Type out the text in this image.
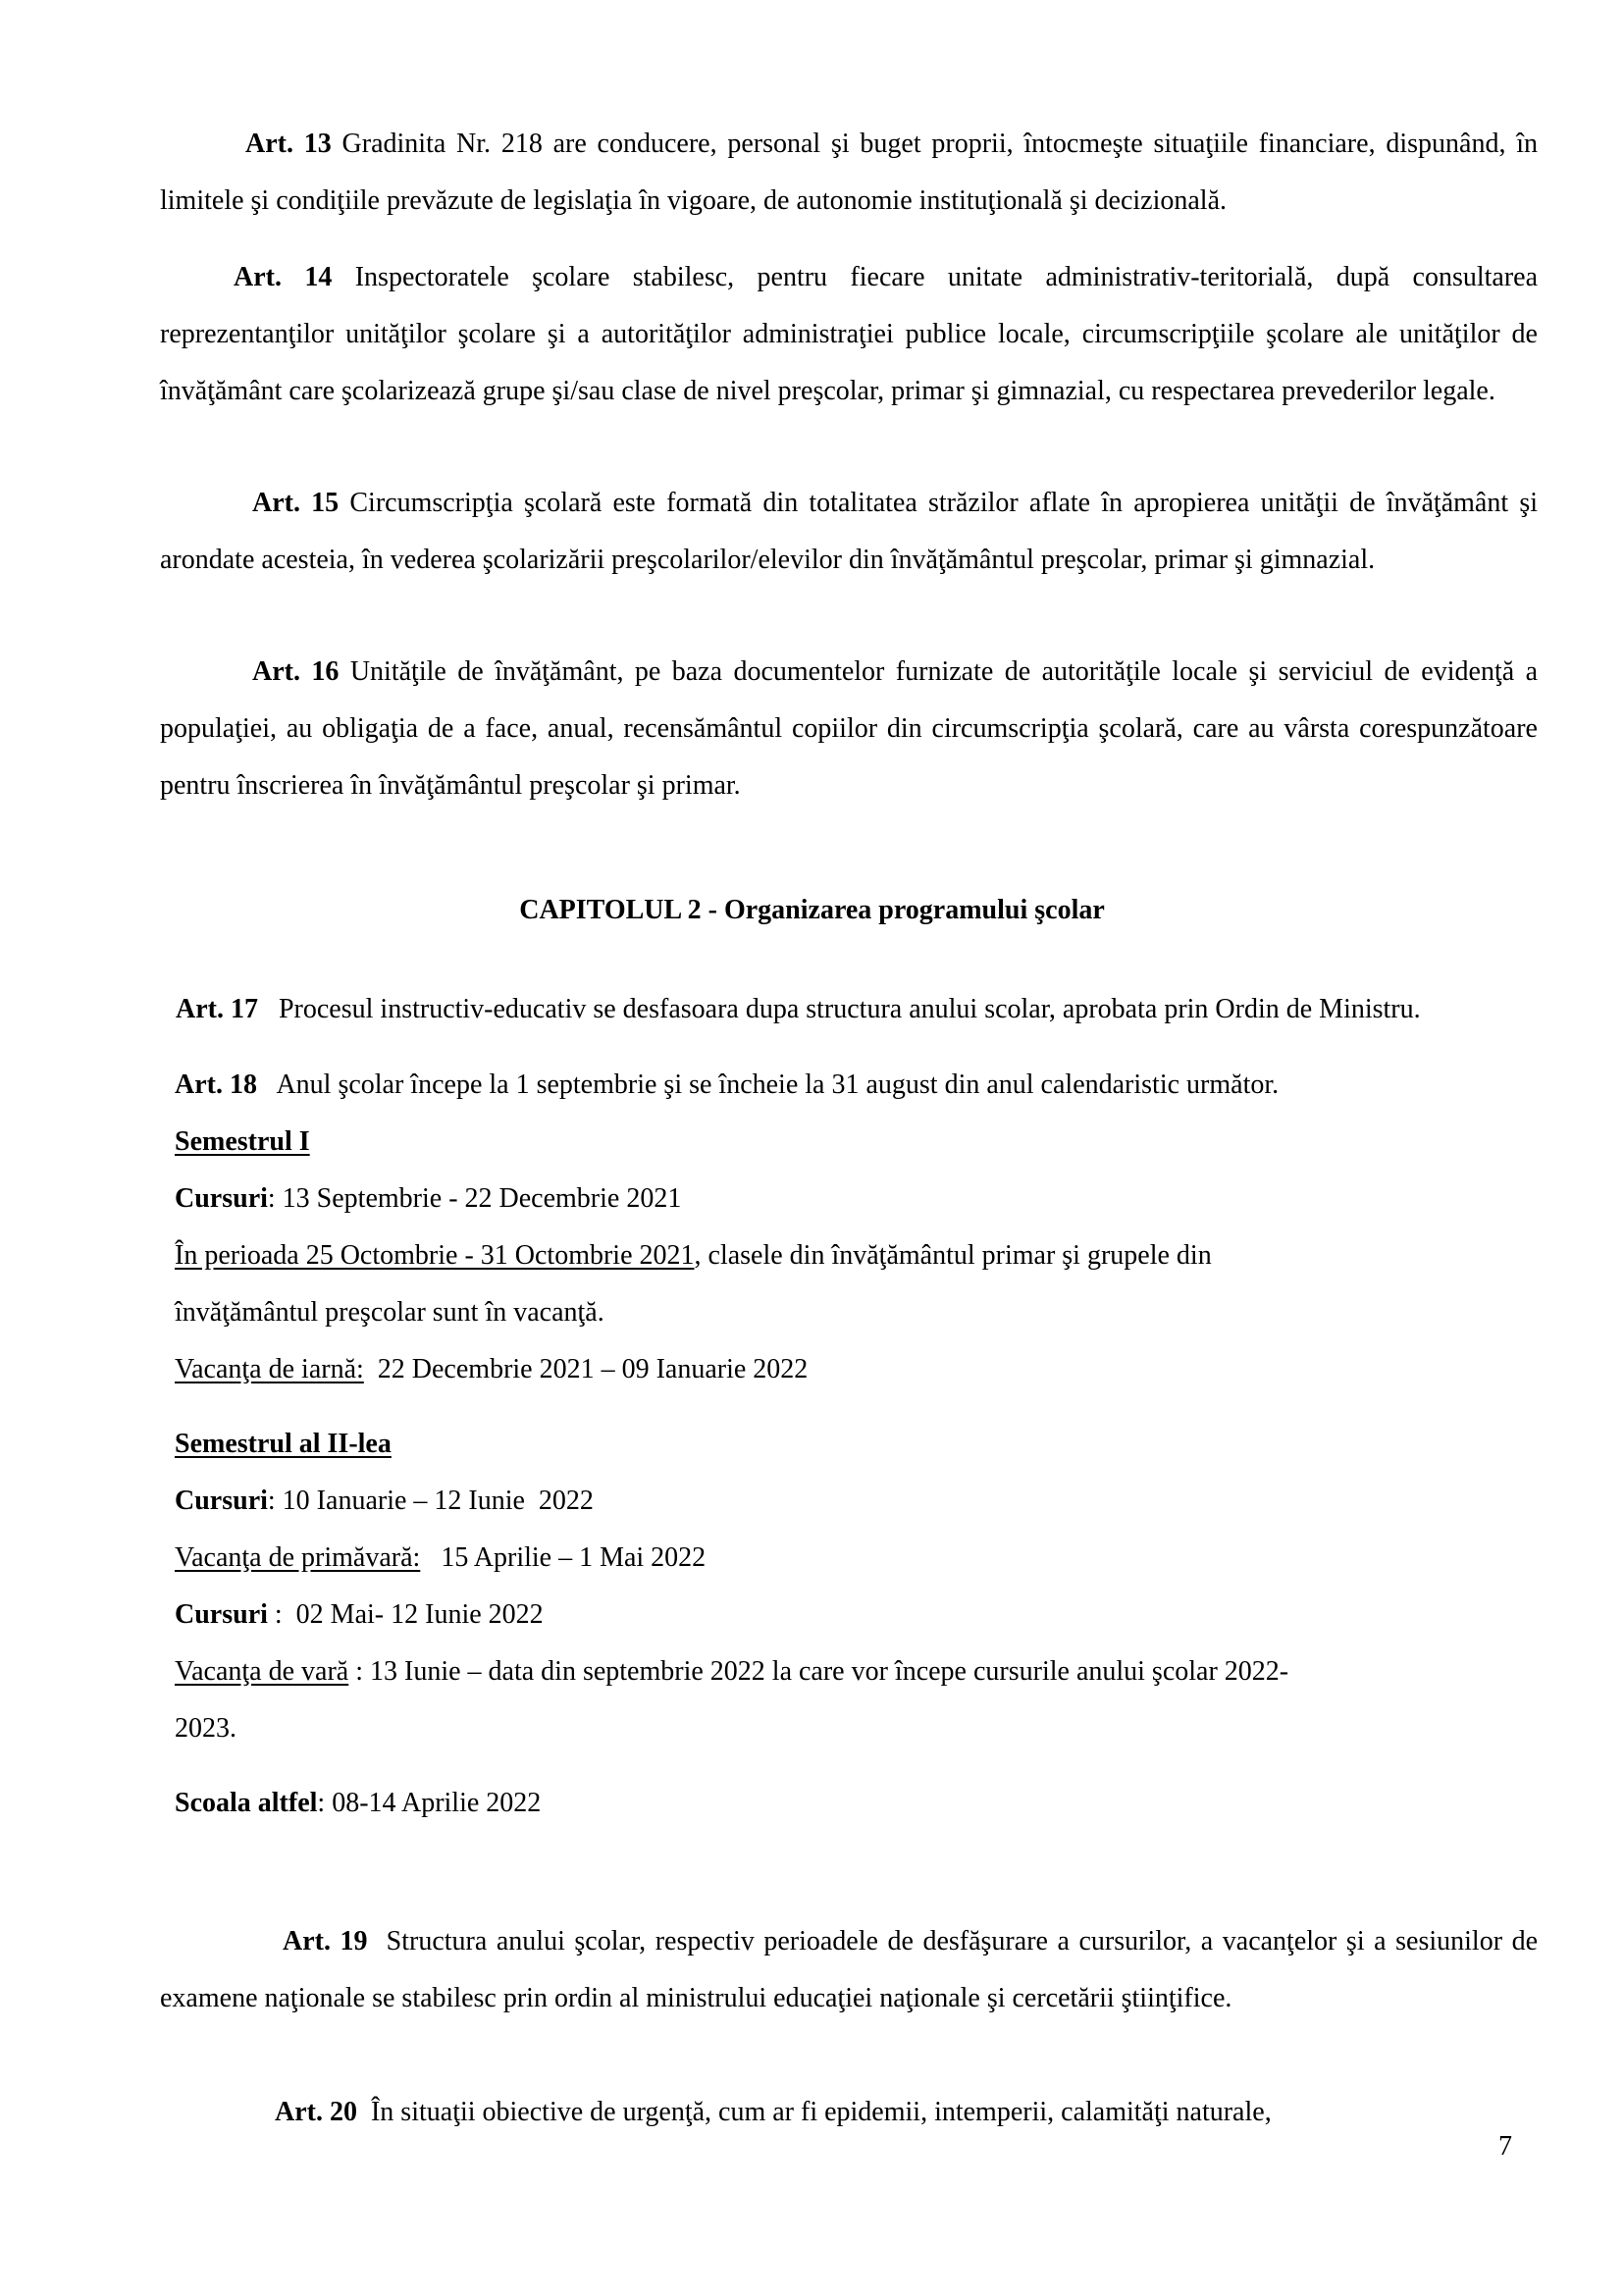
Art. 13 Gradinita Nr. 218 are conducere, personal şi buget proprii, întocmeşte situaţiile financiare, dispunând, în limitele şi condiţiile prevăzute de legislaţia în vigoare, de autonomie instituţională şi decizională.

Art. 14 Inspectoratele şcolare stabilesc, pentru fiecare unitate administrativ-teritorială, după consultarea reprezentanţilor unităţilor şcolare şi a autorităţilor administraţiei publice locale, circumscripţiile şcolare ale unităţilor de învăţământ care şcolarizează grupe şi/sau clase de nivel preşcolar, primar şi gimnazial, cu respectarea prevederilor legale.

Art. 15 Circumscripţia şcolară este formată din totalitatea străzilor aflate în apropierea unităţii de învăţământ şi arondate acesteia, în vederea şcolarizării preşcolarilor/elevilor din învăţământul preşcolar, primar şi gimnazial.

Art. 16 Unităţile de învăţământ, pe baza documentelor furnizate de autorităţile locale şi serviciul de evidenţă a populaţiei, au obligaţia de a face, anual, recensământul copiilor din circumscripţia şcolară, care au vârsta corespunzătoare pentru înscrierea în învăţământul preşcolar şi primar.

CAPITOLUL 2 - Organizarea programului şcolar

Art. 17 Procesul instructiv-educativ se desfasoara dupa structura anului scolar, aprobata prin Ordin de Ministru.

Art. 18 Anul şcolar începe la 1 septembrie şi se încheie la 31 august din anul calendaristic următor.

Semestrul I

Cursuri: 13 Septembrie - 22 Decembrie 2021

În perioada 25 Octombrie - 31 Octombrie 2021, clasele din învăţământul primar şi grupele din

învăţământul preşcolar sunt în vacanţă.

Vacanţa de iarnă:  22 Decembrie 2021 – 09 Ianuarie 2022

Semestrul al II-lea

Cursuri: 10 Ianuarie – 12 Iunie  2022

Vacanţa de primăvară:   15 Aprilie – 1 Mai 2022

Cursuri :  02 Mai- 12 Iunie 2022

Vacanţa de vară : 13 Iunie – data din septembrie 2022 la care vor începe cursurile anului şcolar 2022-

2023.

Scoala altfel: 08-14 Aprilie 2022

Art. 19 Structura anului şcolar, respectiv perioadele de desfăşurare a cursurilor, a vacanţelor şi a sesiunilor de examene naţionale se stabilesc prin ordin al ministrului educaţiei naţionale şi cercetării ştiinţifice.

Art. 20 În situaţii obiective de urgenţă, cum ar fi epidemii, intemperii, calamităţi naturale,

7
